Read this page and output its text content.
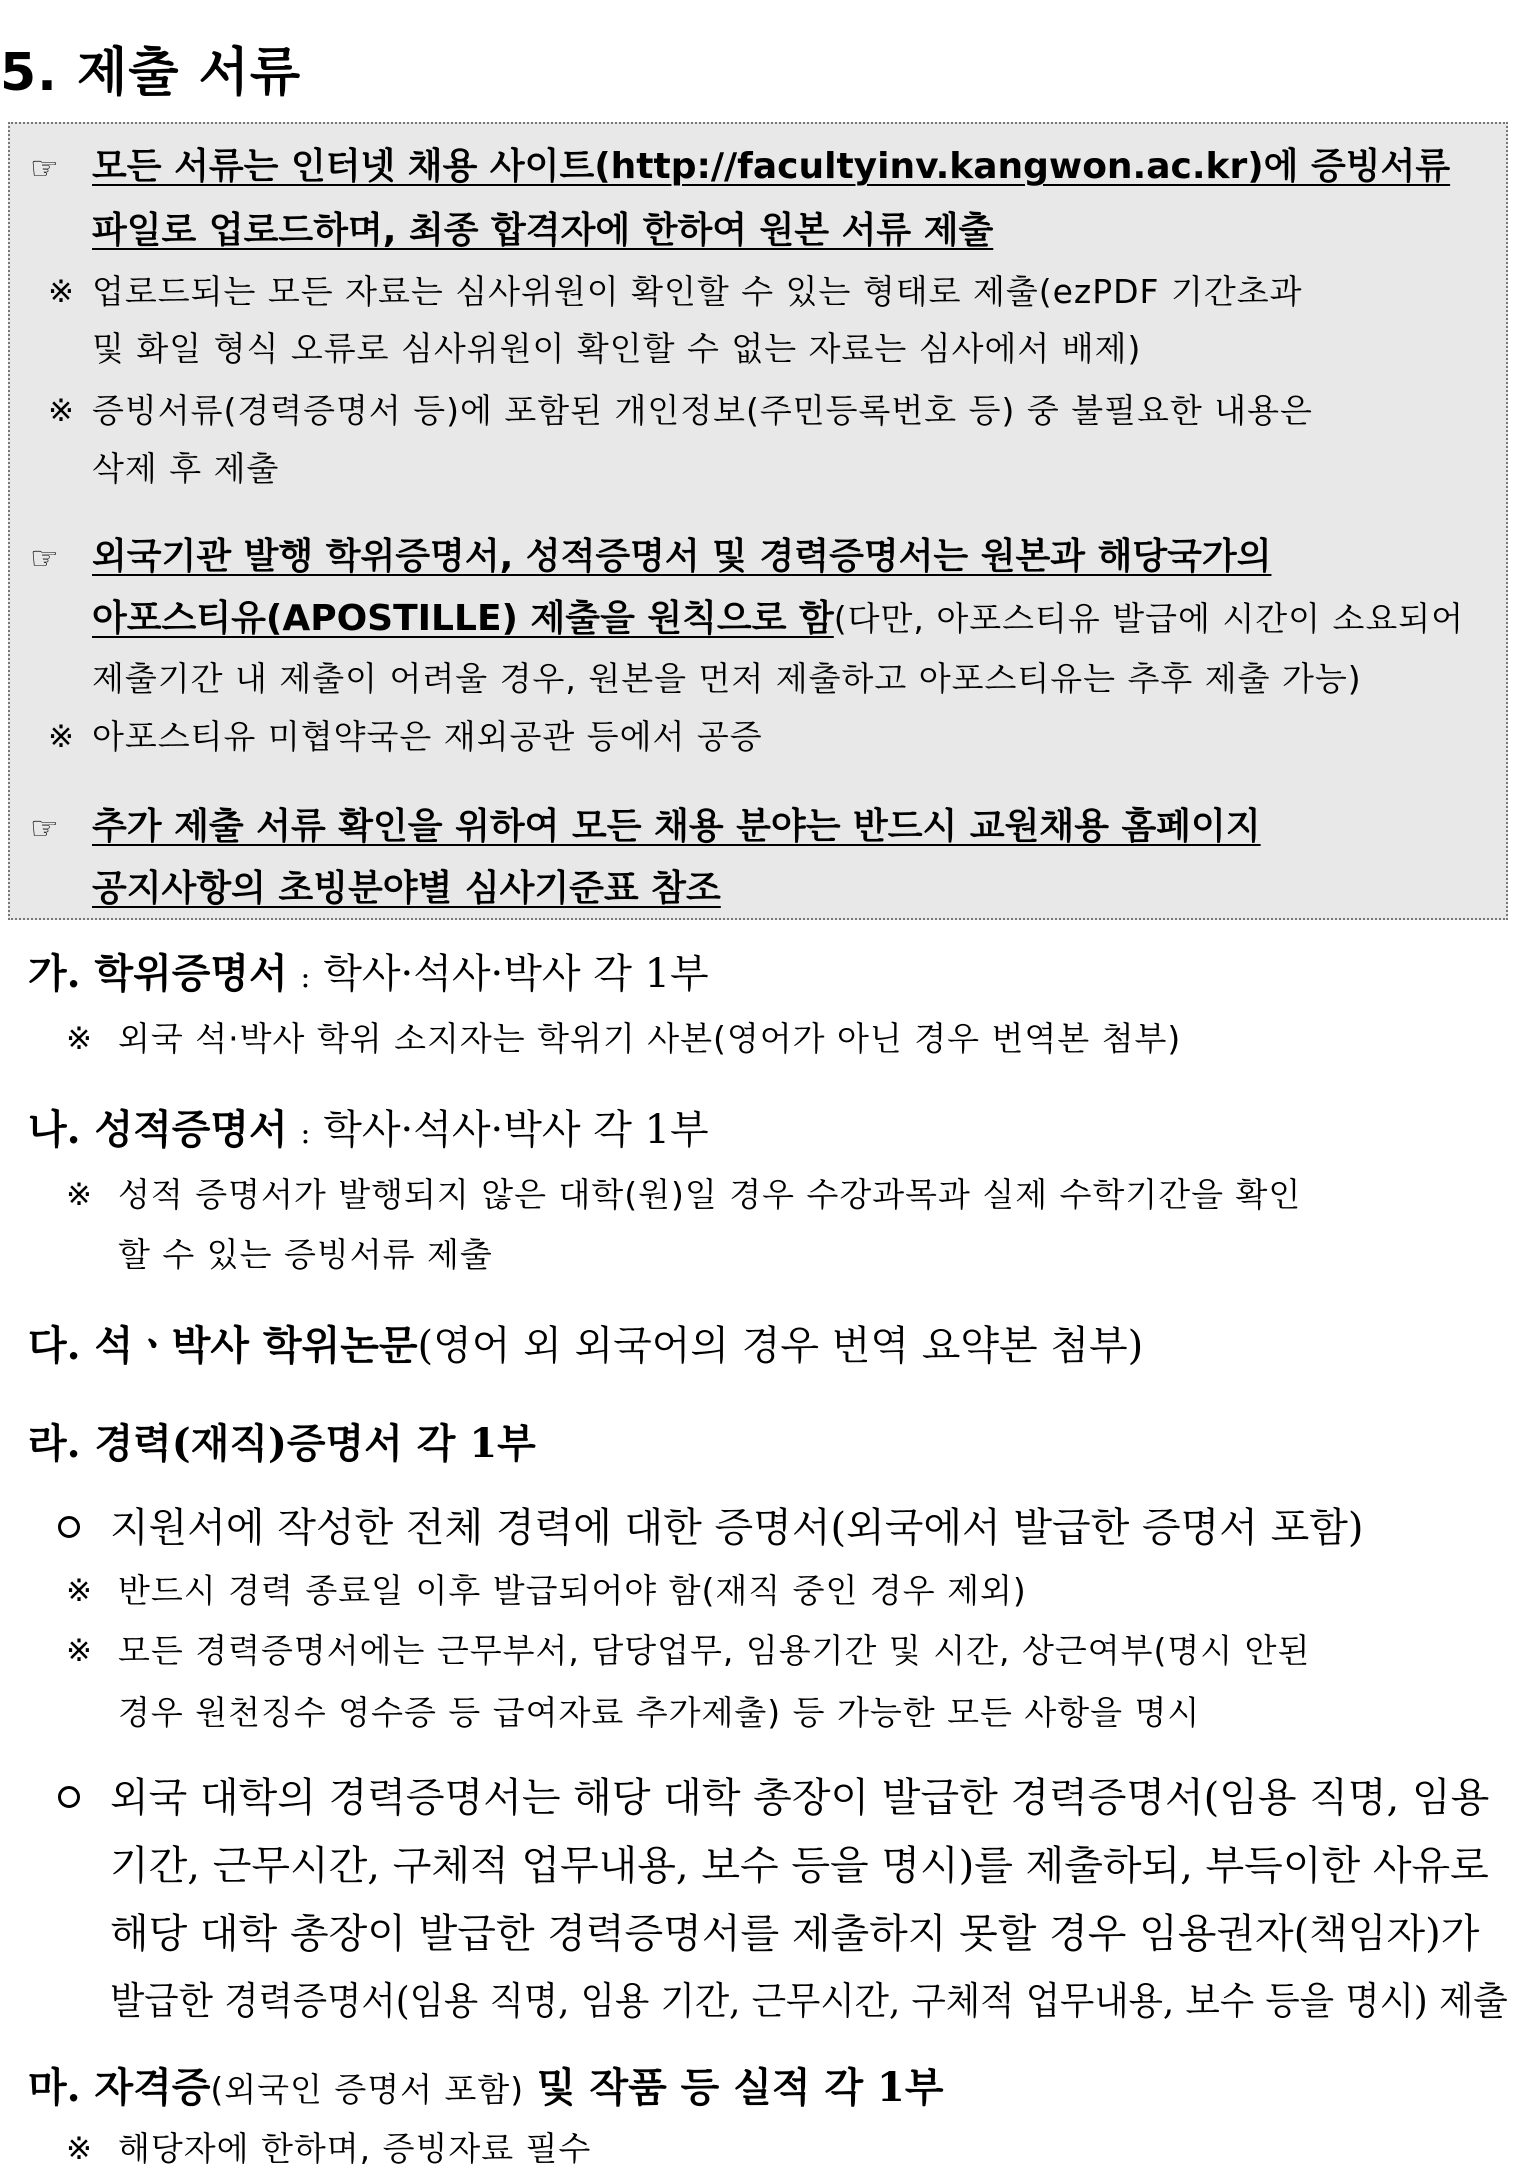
5. 제출 서류
☞ 모든 서류는 인터넷 채용 사이트(http://facultyinv.kangwon.ac.kr)에 증빙서류
파일로 업로드하며, 최종 합격자에 한하여 원본 서류 제출
※ 업로드되는 모든 자료는 심사위원이 확인할 수 있는 형태로 제출(ezPDF 기간초과
및 화일 형식 오류로 심사위원이 확인할 수 없는 자료는 심사에서 배제)
※ 증빙서류(경력증명서 등)에 포함된 개인정보(주민등록번호 등) 중 불필요한 내용은
삭제 후 제출
☞ 외국기관 발행 학위증명서, 성적증명서 및 경력증명서는 원본과 해당국가의
아포스티유(APOSTILLE) 제출을 원칙으로 함(다만, 아포스티유 발급에 시간이 소요되어
제출기간 내 제출이 어려울 경우, 원본을 먼저 제출하고 아포스티유는 추후 제출 가능)
※ 아포스티유 미협약국은 재외공관 등에서 공증
☞ 추가 제출 서류 확인을 위하여 모든 채용 분야는 반드시 교원채용 홈페이지
공지사항의 초빙분야별 심사기준표 참조
가. 학위증명서 : 학사·석사·박사 각 1부
※ 외국 석·박사 학위 소지자는 학위기 사본(영어가 아닌 경우 번역본 첨부)
나. 성적증명서 : 학사·석사·박사 각 1부
※ 성적 증명서가 발행되지 않은 대학(원)일 경우 수강과목과 실제 수학기간을 확인
할 수 있는 증빙서류 제출
다. 석ㆍ박사 학위논문(영어 외 외국어의 경우 번역 요약본 첨부)
라. 경력(재직)증명서 각 1부
지원서에 작성한 전체 경력에 대한 증명서(외국에서 발급한 증명서 포함)
※ 반드시 경력 종료일 이후 발급되어야 함(재직 중인 경우 제외)
※ 모든 경력증명서에는 근무부서, 담당업무, 임용기간 및 시간, 상근여부(명시 안된
경우 원천징수 영수증 등 급여자료 추가제출) 등 가능한 모든 사항을 명시
외국 대학의 경력증명서는 해당 대학 총장이 발급한 경력증명서(임용 직명, 임용
기간, 근무시간, 구체적 업무내용, 보수 등을 명시)를 제출하되, 부득이한 사유로
해당 대학 총장이 발급한 경력증명서를 제출하지 못할 경우 임용권자(책임자)가
발급한 경력증명서(임용 직명, 임용 기간, 근무시간, 구체적 업무내용, 보수 등을 명시) 제출
마. 자격증(외국인 증명서 포함) 및 작품 등 실적 각 1부
※ 해당자에 한하며, 증빙자료 필수
